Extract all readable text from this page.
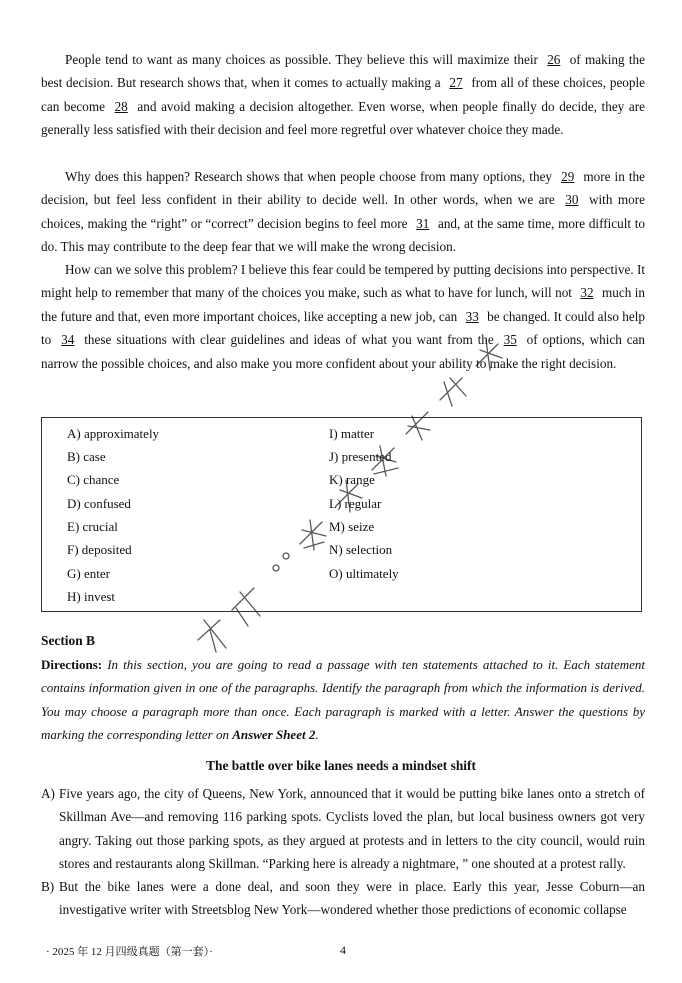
People tend to want as many choices as possible. They believe this will maximize their 26 of making the best decision. But research shows that, when it comes to actually making a 27 from all of these choices, people can become 28 and avoid making a decision altogether. Even worse, when people finally do decide, they are generally less satisfied with their decision and feel more regretful over whatever choice they made.

Why does this happen? Research shows that when people choose from many options, they 29 more in the decision, but feel less confident in their ability to decide well. In other words, when we are 30 with more choices, making the “right” or “correct” decision begins to feel more 31 and, at the same time, more difficult to do. This may contribute to the deep fear that we will make the wrong decision.

How can we solve this problem? I believe this fear could be tempered by putting decisions into perspective. It might help to remember that many of the choices you make, such as what to have for lunch, will not 32 much in the future and that, even more important choices, like accepting a new job, can 33 be changed. It could also help to 34 these situations with clear guidelines and ideas of what you want from the 35 of options, which can narrow the possible choices, and also make you more confident about your ability to make the right decision.

A) approximately
B) case
C) chance
D) confused
E) crucial
F) deposited
G) enter
H) invest
I) matter
J) presented
K) range
L) regular
M) seize
N) selection
O) ultimately
Section B

Directions: In this section, you are going to read a passage with ten statements attached to it. Each statement contains information given in one of the paragraphs. Identify the paragraph from which the information is derived. You may choose a paragraph more than once. Each paragraph is marked with a letter. Answer the questions by marking the corresponding letter on Answer Sheet 2.

The battle over bike lanes needs a mindset shift
A) Five years ago, the city of Queens, New York, announced that it would be putting bike lanes onto a stretch of Skillman Ave—and removing 116 parking spots. Cyclists loved the plan, but local business owners got very angry. Taking out those parking spots, as they argued at protests and in letters to the city council, would ruin stores and restaurants along Skillman. “Parking here is already a nightmare, ” one shouted at a protest rally.
B) But the bike lanes were a done deal, and soon they were in place. Early this year, Jesse Coburn—an investigative writer with Streetsblog New York—wondered whether those predictions of economic collapse
· 2025 年 12 月四级真题（第一套）·	4
